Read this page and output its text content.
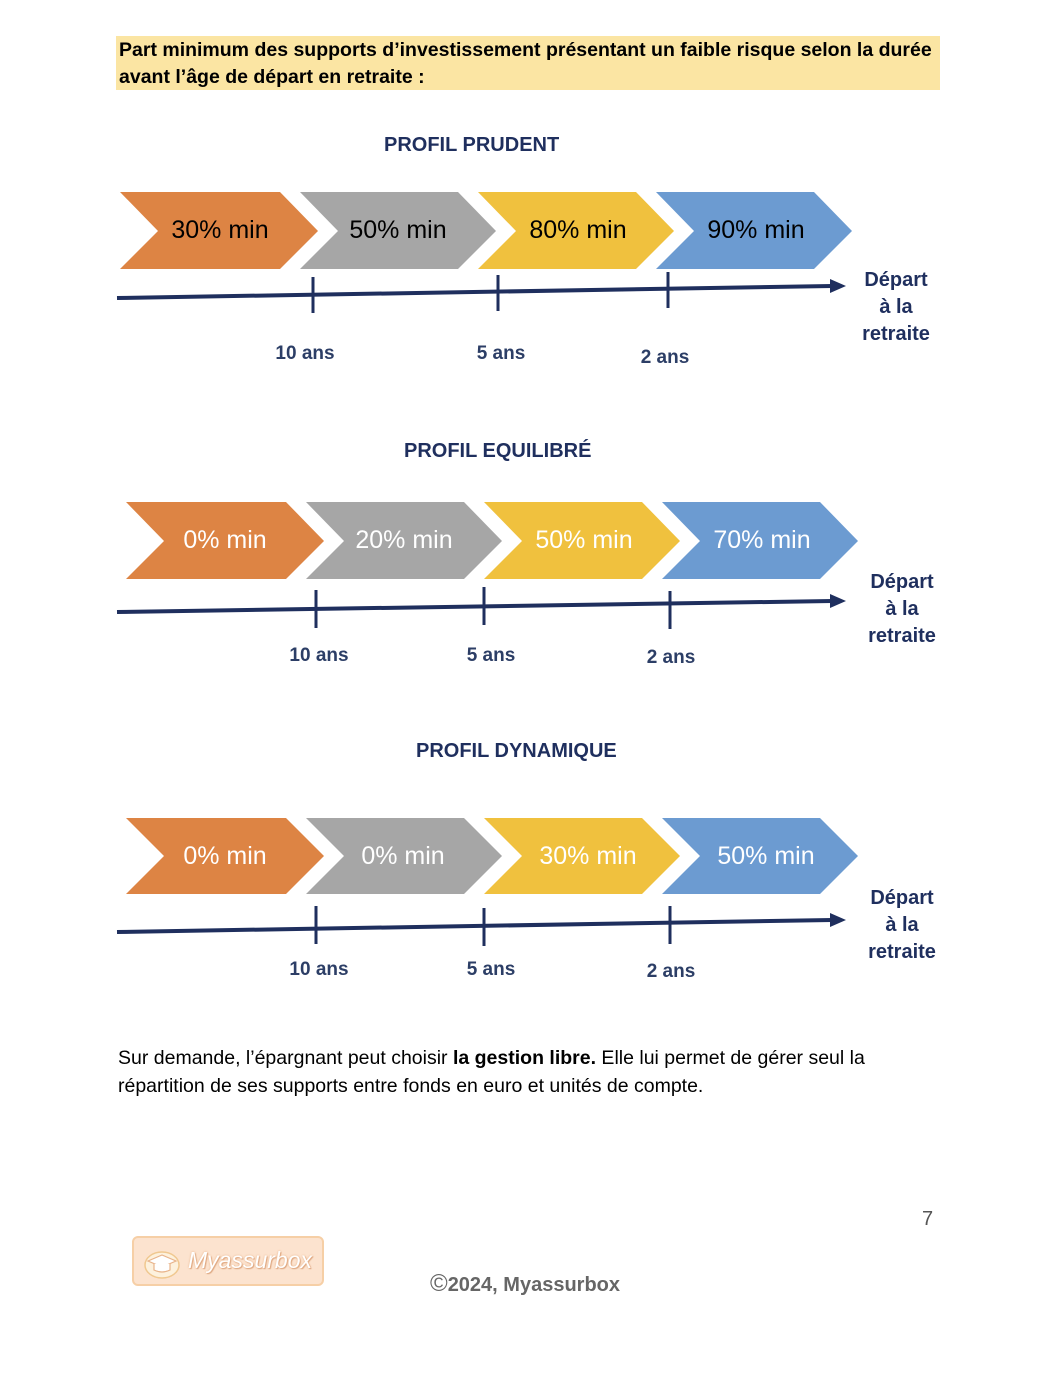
Part minimum des supports d’investissement présentant un faible risque selon la durée avant l’âge de départ en retraite :
PROFIL PRUDENT
30% min	50% min	80% min	90% min
10 ans	5 ans	2 ans
Départ
à la
retraite
PROFIL EQUILIBRÉ
0% min	20% min	50% min	70% min
10 ans	5 ans	2 ans
Départ
à la
retraite
PROFIL DYNAMIQUE
0% min	0% min	30% min	50% min
10 ans	5 ans	2 ans
Départ
à la
retraite
Sur demande, l’épargnant peut choisir la gestion libre. Elle lui permet de gérer seul la répartition de ses supports entre fonds en euro et unités de compte.
7
Myassurbox
©2024, Myassurbox
